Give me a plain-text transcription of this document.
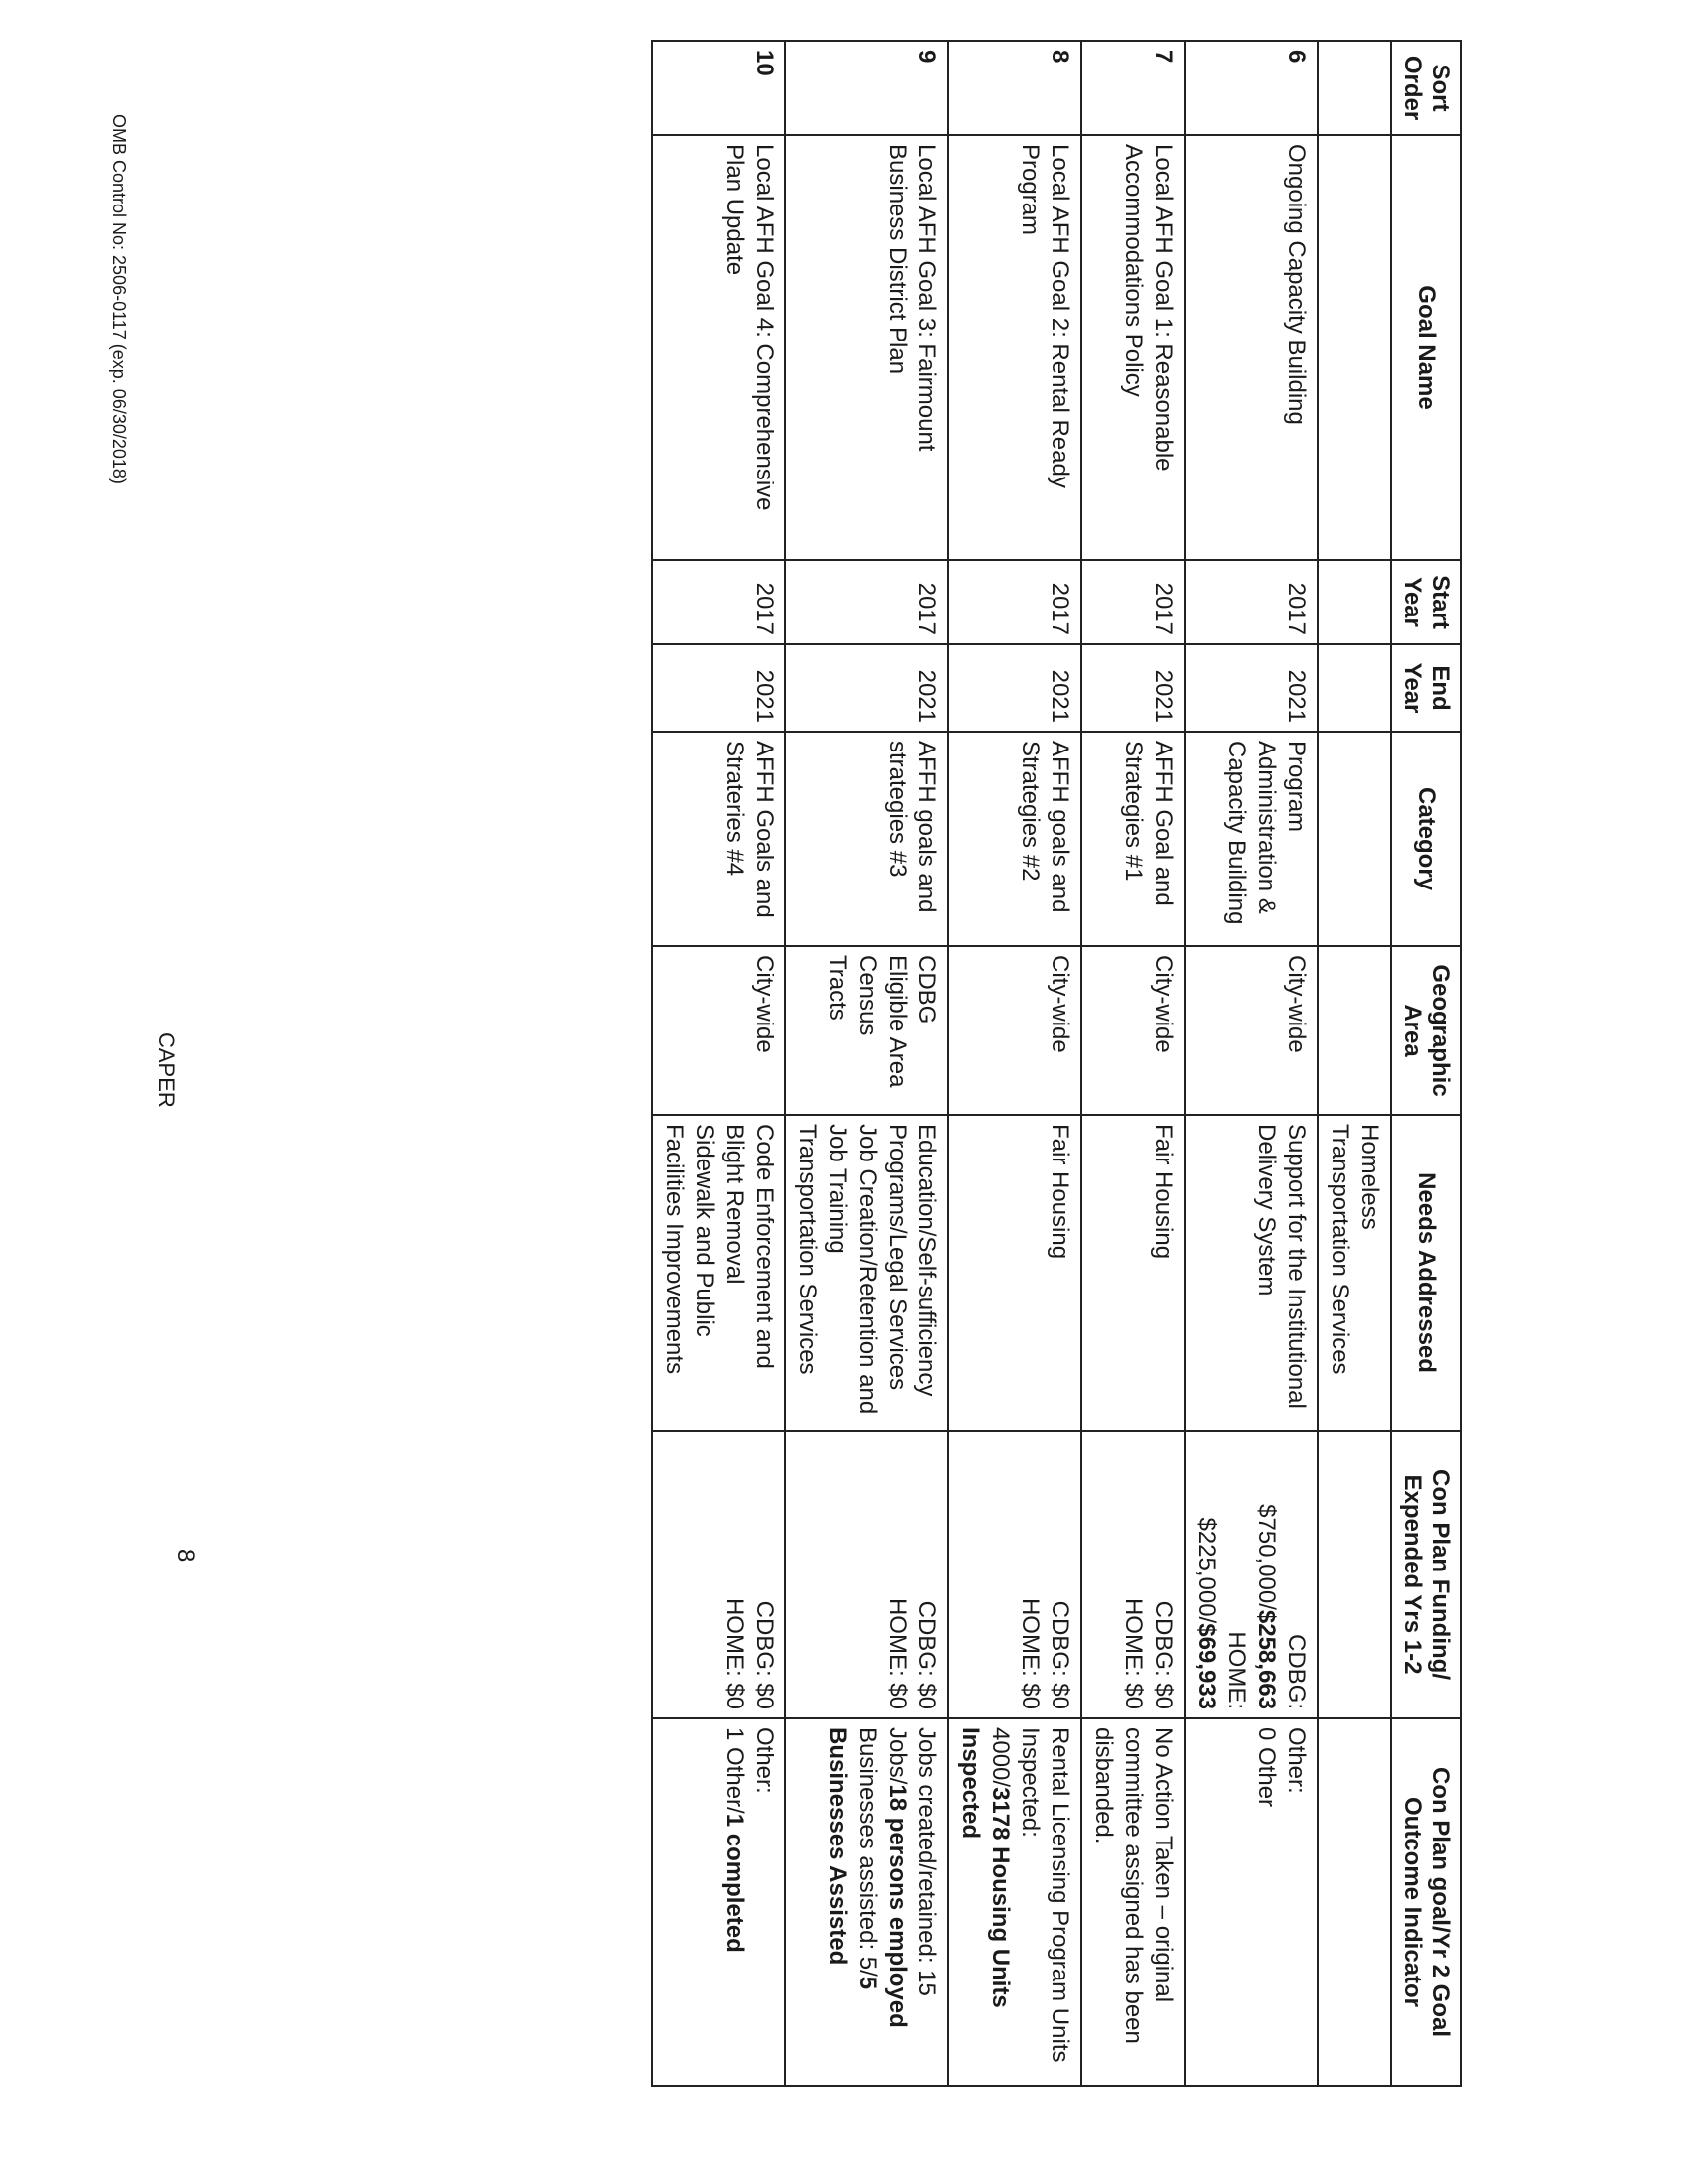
Sort Order	Goal Name	Start Year	End Year	Category	Geographic Area	Needs Addressed	Con Plan Funding/ Expended Yrs 1-2	Con Plan goal/Yr 2 Goal Outcome Indicator

						Homeless
Transportation Services		

6	Ongoing Capacity Building	2017	2021	Program Administration & Capacity Building	City-wide	Support for the Institutional Delivery System	CDBG:
$750,000/$258,663
HOME:
$225,000/$69,933	Other:
0 Other

7	Local AFH Goal 1: Reasonable Accommodations Policy	2017	2021	AFFH Goal and Strategies #1	City-wide	Fair Housing	CDBG: $0
HOME: $0	No Action Taken – original committee assigned has been disbanded.

8	Local AFH Goal 2: Rental Ready Program	2017	2021	AFFH goals and Strategies #2	City-wide	Fair Housing	CDBG: $0
HOME: $0	Rental Licensing Program Units Inspected:
4000/3178 Housing Units Inspected

9	Local AFH Goal 3: Fairmount Business District Plan	2017	2021	AFFH goals and strategies #3	CDBG Eligible Area Census Tracts	Education/Self-sufficiency
Programs/Legal Services
Job Creation/Retention and Job Training
Transportation Services	CDBG: $0
HOME: $0	Jobs created/retained: 15 Jobs/18 persons employed
Businesses assisted: 5/5 Businesses Assisted

10	Local AFH Goal 4: Comprehensive Plan Update	2017	2021	AFFH Goals and Strateries #4	City-wide	Code Enforcement and Blight Removal
Sidewalk and Public Facilities Improvements	CDBG: $0
HOME: $0	Other:
1 Other/1 completed
8
CAPER
OMB Control No: 2506-0117 (exp. 06/30/2018)
